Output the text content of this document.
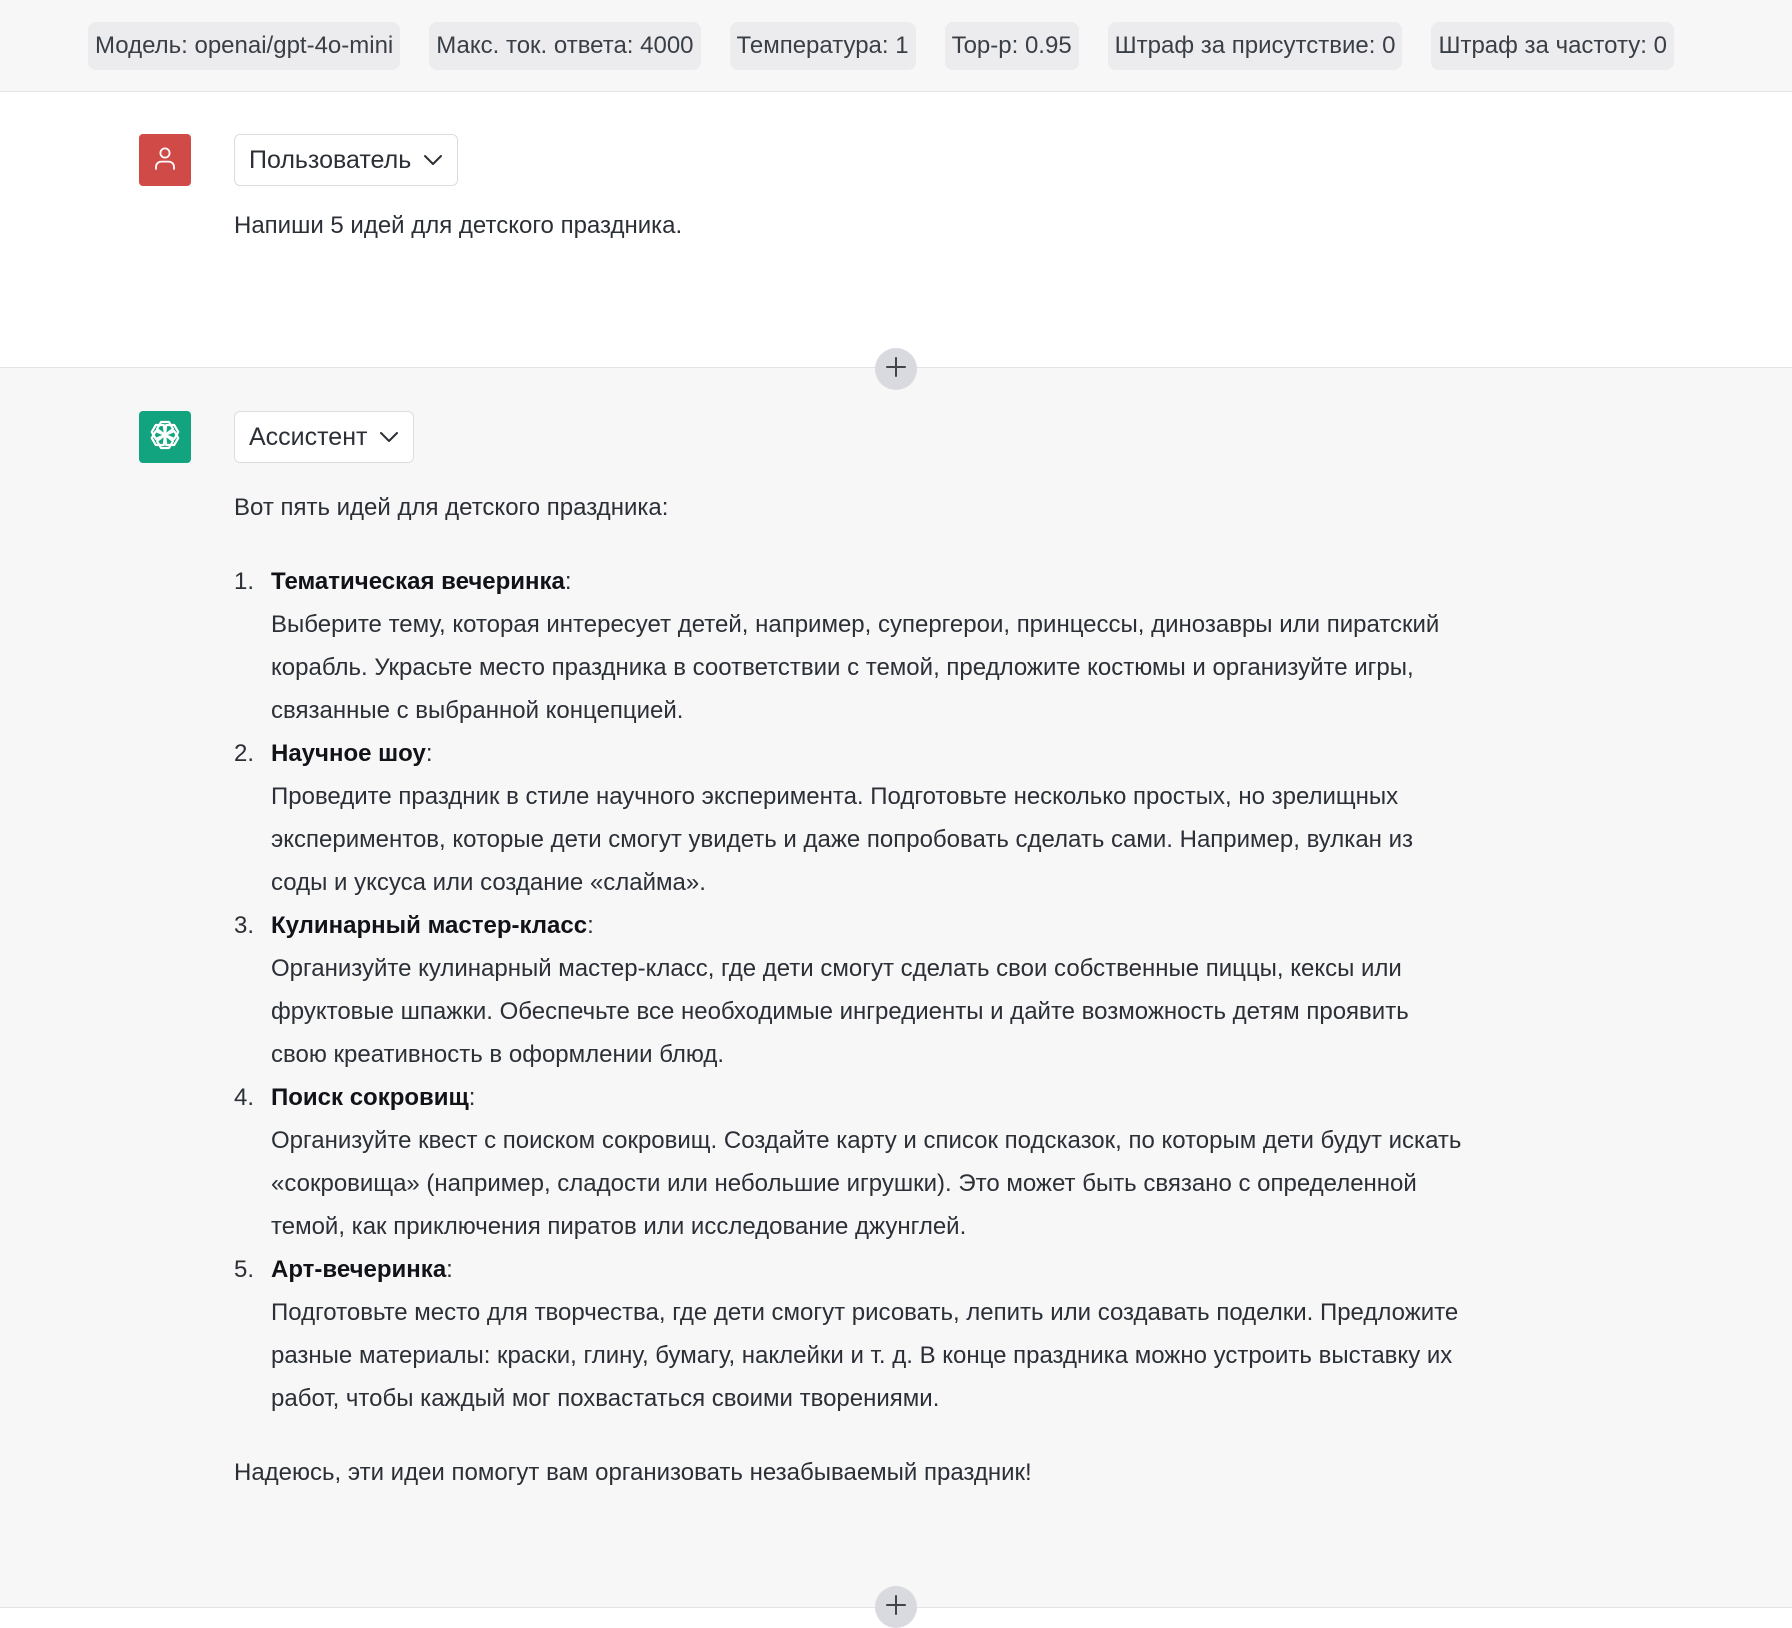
Модель: openai/gpt-4o-mini Макс. ток. ответа: 4000 Температура: 1 Top-p: 0.95 Штраф за присутствие: 0 Штраф за частоту: 0
Пользователь
Напиши 5 идей для детского праздника.
Ассистент

Вот пять идей для детского праздника:

1. Тематическая вечеринка:
Выберите тему, которая интересует детей, например, супергерои, принцессы, динозавры или пиратский корабль. Украсьте место праздника в соответствии с темой, предложите костюмы и организуйте игры, связанные с выбранной концепцией.
2. Научное шоу:
Проведите праздник в стиле научного эксперимента. Подготовьте несколько простых, но зрелищных экспериментов, которые дети смогут увидеть и даже попробовать сделать сами. Например, вулкан из соды и уксуса или создание «слайма».
3. Кулинарный мастер-класс:
Организуйте кулинарный мастер-класс, где дети смогут сделать свои собственные пиццы, кексы или фруктовые шпажки. Обеспечьте все необходимые ингредиенты и дайте возможность детям проявить свою креативность в оформлении блюд.
4. Поиск сокровищ:
Организуйте квест с поиском сокровищ. Создайте карту и список подсказок, по которым дети будут искать «сокровища» (например, сладости или небольшие игрушки). Это может быть связано с определенной темой, как приключения пиратов или исследование джунглей.
5. Арт-вечеринка:
Подготовьте место для творчества, где дети смогут рисовать, лепить или создавать поделки. Предложите разные материалы: краски, глину, бумагу, наклейки и т. д. В конце праздника можно устроить выставку их работ, чтобы каждый мог похвастаться своими творениями.

Надеюсь, эти идеи помогут вам организовать незабываемый праздник!
